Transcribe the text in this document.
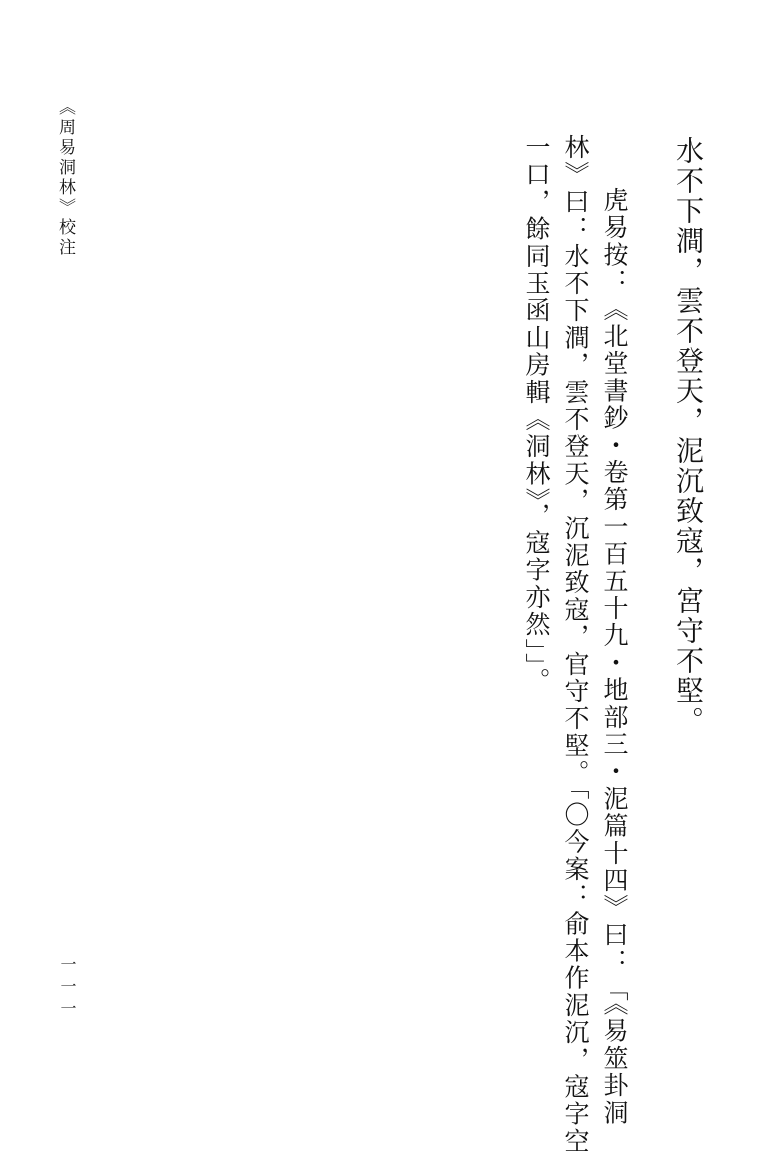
《周易洞林》校注	水不下澗，雲不登天，泥沉致寇，宮守不堅。
虎易按：《北堂書鈔・卷第一百五十九・地部三・泥篇十四》曰：「《易筮卦洞
林》曰：水不下澗，雲不登天，沉泥致寇，官守不堅。「〇今案：俞本作泥沉，寇字空
一口，餘同玉函山房輯《洞林》，寇字亦然」」。
一一一
